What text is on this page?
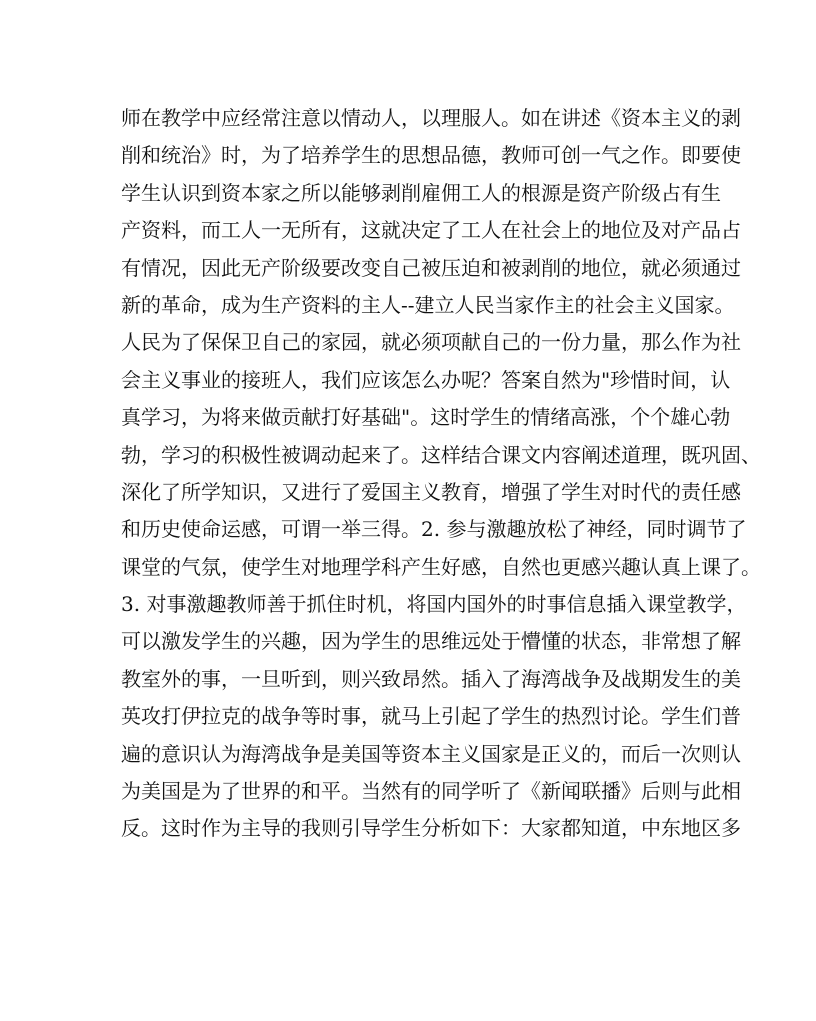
师在教学中应经常注意以情动人，以理服人。如在讲述《资本主义的剥
削和统治》时，为了培养学生的思想品德，教师可创一气之作。即要使
学生认识到资本家之所以能够剥削雇佣工人的根源是资产阶级占有生
产资料，而工人一无所有，这就决定了工人在社会上的地位及对产品占
有情况，因此无产阶级要改变自己被压迫和被剥削的地位，就必须通过
新的革命，成为生产资料的主人--建立人民当家作主的社会主义国家。
人民为了保保卫自己的家园，就必须项献自己的一份力量，那么作为社
会主义事业的接班人，我们应该怎么办呢？答案自然为"珍惜时间，认
真学习，为将来做贡献打好基础"。这时学生的情绪高涨，个个雄心勃
勃，学习的积极性被调动起来了。这样结合课文内容阐述道理，既巩固、
深化了所学知识，又进行了爱国主义教育，增强了学生对时代的责任感
和历史使命运感，可谓一举三得。2. 参与激趣放松了神经，同时调节了
课堂的气氛，使学生对地理学科产生好感，自然也更感兴趣认真上课了。
3. 对事激趣教师善于抓住时机，将国内国外的时事信息插入课堂教学，
可以激发学生的兴趣，因为学生的思维远处于懵懂的状态，非常想了解
教室外的事，一旦听到，则兴致昂然。插入了海湾战争及战期发生的美
英攻打伊拉克的战争等时事，就马上引起了学生的热烈讨论。学生们普
遍的意识认为海湾战争是美国等资本主义国家是正义的，而后一次则认
为美国是为了世界的和平。当然有的同学听了《新闻联播》后则与此相
反。这时作为主导的我则引导学生分析如下：大家都知道，中东地区多
